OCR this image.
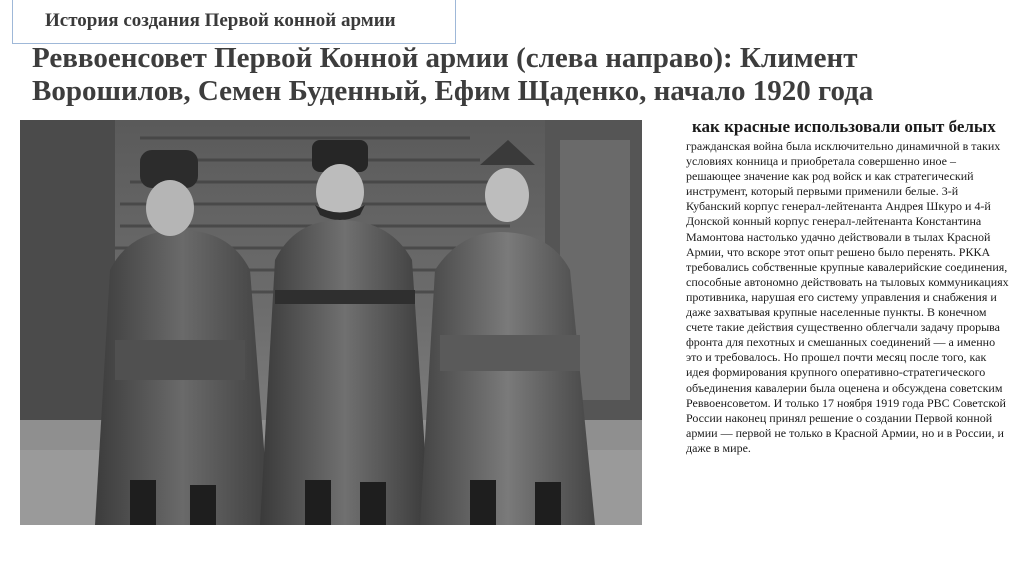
История создания Первой конной армии
Реввоенсовет Первой Конной армии (слева направо): Климент Ворошилов, Семен Буденный, Ефим Щаденко, начало 1920 года
как красные использовали опыт белых

гражданская война была исключительно динамичной в таких условиях конница и приобретала совершенно иное – решающее значение как род войск и как стратегический инструмент, который первыми применили белые. 3-й Кубанский корпус генерал-лейтенанта Андрея Шкуро и 4-й Донской конный корпус генерал-лейтенанта Константина Мамонтова настолько удачно действовали в тылах Красной Армии, что вскоре этот опыт решено было перенять. РККА требовались собственные крупные кавалерийские соединения, способные автономно действовать на тыловых коммуникациях противника, нарушая его систему управления и снабжения и даже захватывая крупные населенные пункты. В конечном счете такие действия существенно облегчали задачу прорыва фронта для пехотных и смешанных соединений — а именно это и требовалось. Но прошел почти месяц после того, как идея формирования крупного оперативно-стратегического объединения кавалерии была оценена и обсуждена советским Реввоенсоветом. И только 17 ноября 1919 года РВС Советской России наконец принял решение о создании Первой конной армии — первой не только в Красной Армии, но и в России, и даже в мире.
